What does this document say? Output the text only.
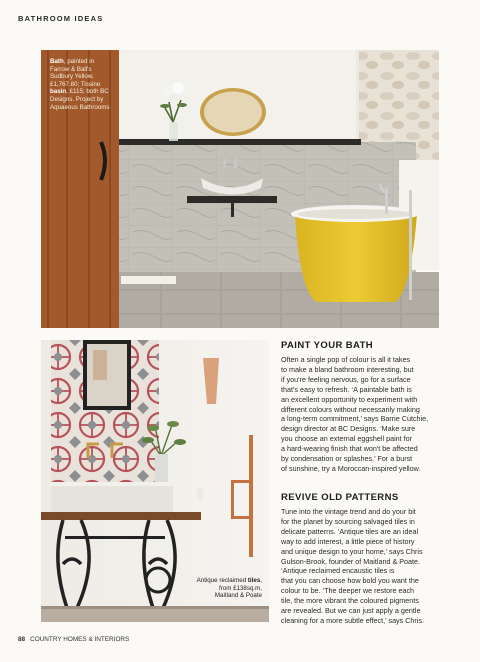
BATHROOM IDEAS
Bath, painted in Farrow & Ball's Sudbury Yellow, £1,767.80; Tissino basin, £115; both BC Designs. Project by Aquaeous Bathrooms
Antique reclaimed tiles, from £138sq.m, Maitland & Poate
PAINT YOUR BATH
Often a single pop of colour is all it takes
to make a bland bathroom interesting, but
if you're feeling nervous, go for a surface
that's easy to refresh. ‘A paintable bath is
an excellent opportunity to experiment with
different colours without necessarily making
a long-term commitment,’ says Barrie Cutchie,
design director at BC Designs. ‘Make sure
you choose an external eggshell paint for
a hard-wearing finish that won't be affected
by condensation or splashes.’ For a burst
of sunshine, try a Moroccan-inspired yellow.
REVIVE OLD PATTERNS
Tune into the vintage trend and do your bit
for the planet by sourcing salvaged tiles in
delicate patterns. ‘Antique tiles are an ideal
way to add interest, a little piece of history
and unique design to your home,’ says Chris
Gulson-Brook, founder of Maitland & Poate.
‘Antique reclaimed encaustic tiles is
that you can choose how bold you want the
colour to be. ‘The deeper we restore each
tile, the more vibrant the coloured pigments
are revealed. But we can just apply a gentle
cleaning for a more subtle effect,’ says Chris.
88 COUNTRY HOMES & INTERIORS
